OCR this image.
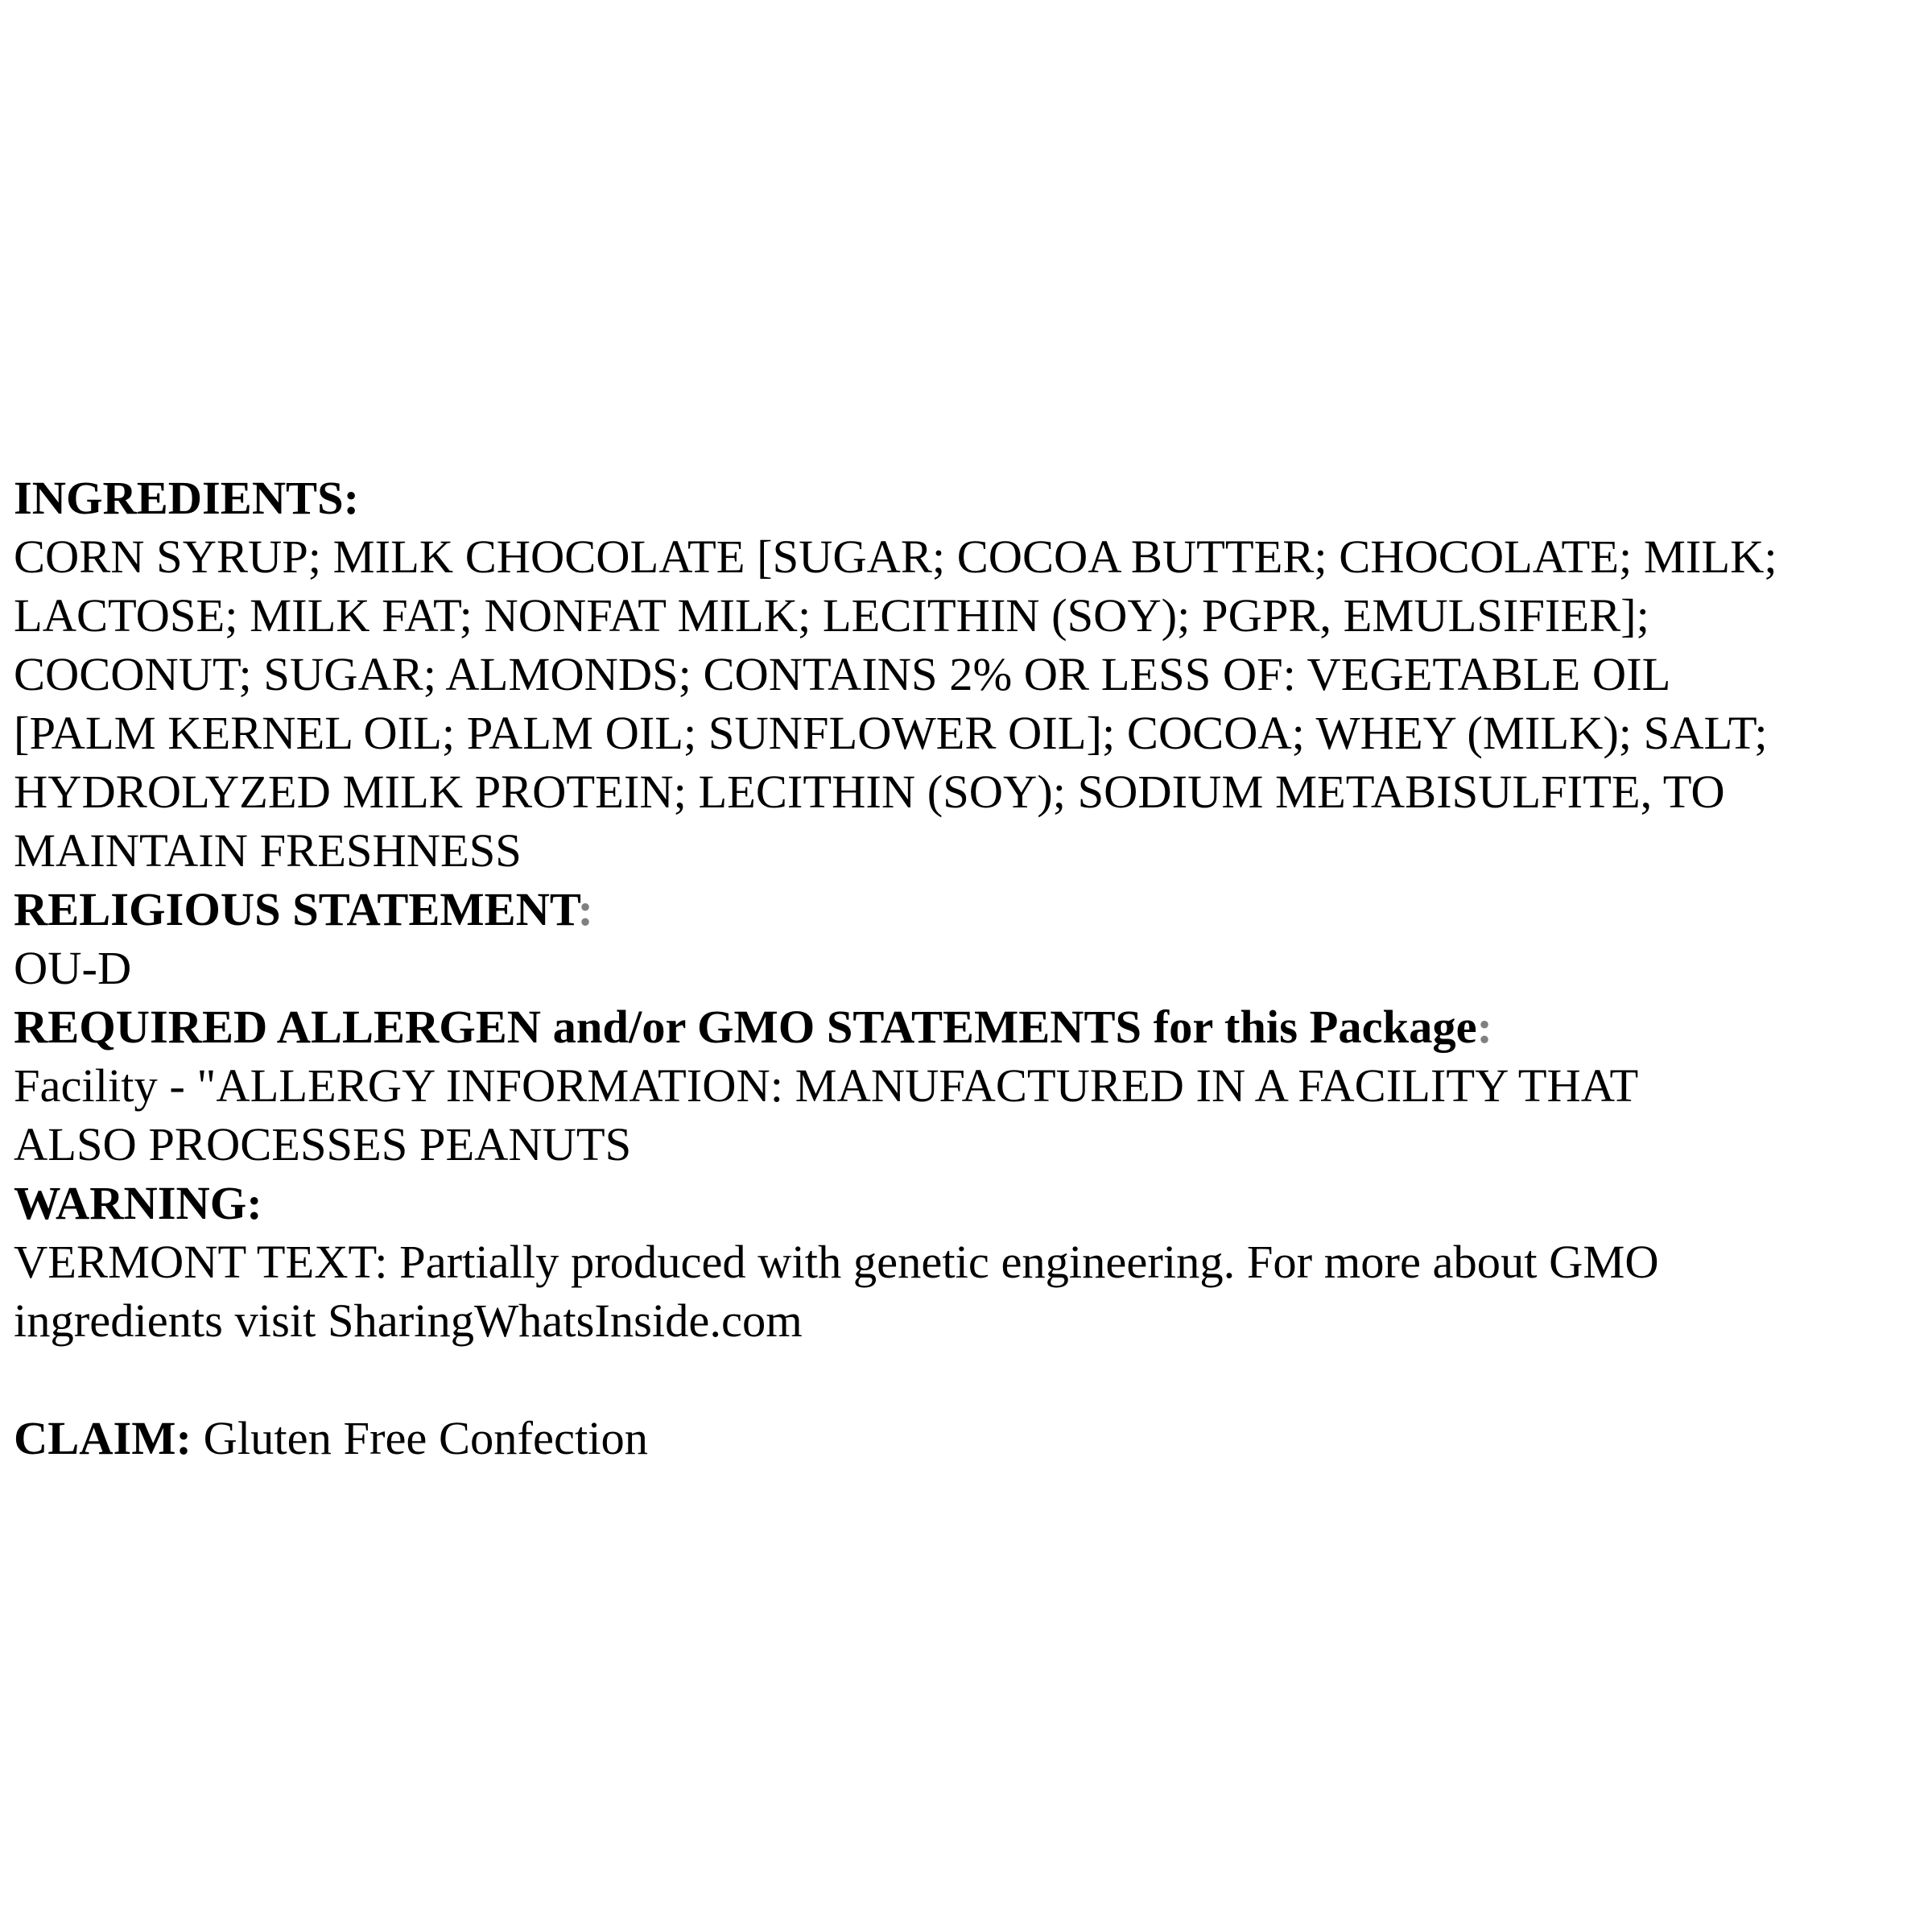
INGREDIENTS:
CORN SYRUP; MILK CHOCOLATE [SUGAR; COCOA BUTTER; CHOCOLATE; MILK;
LACTOSE; MILK FAT; NONFAT MILK; LECITHIN (SOY); PGPR, EMULSIFIER];
COCONUT; SUGAR; ALMONDS; CONTAINS 2% OR LESS OF: VEGETABLE OIL
[PALM KERNEL OIL; PALM OIL; SUNFLOWER OIL]; COCOA; WHEY (MILK); SALT;
HYDROLYZED MILK PROTEIN; LECITHIN (SOY); SODIUM METABISULFITE, TO
MAINTAIN FRESHNESS
RELIGIOUS STATEMENT:
OU-D
REQUIRED ALLERGEN and/or GMO STATEMENTS for this Package:
Facility - "ALLERGY INFORMATION: MANUFACTURED IN A FACILITY THAT
ALSO PROCESSES PEANUTS
WARNING:
VERMONT TEXT: Partially produced with genetic engineering. For more about GMO
ingredients visit SharingWhatsInside.com
CLAIM: Gluten Free Confection
